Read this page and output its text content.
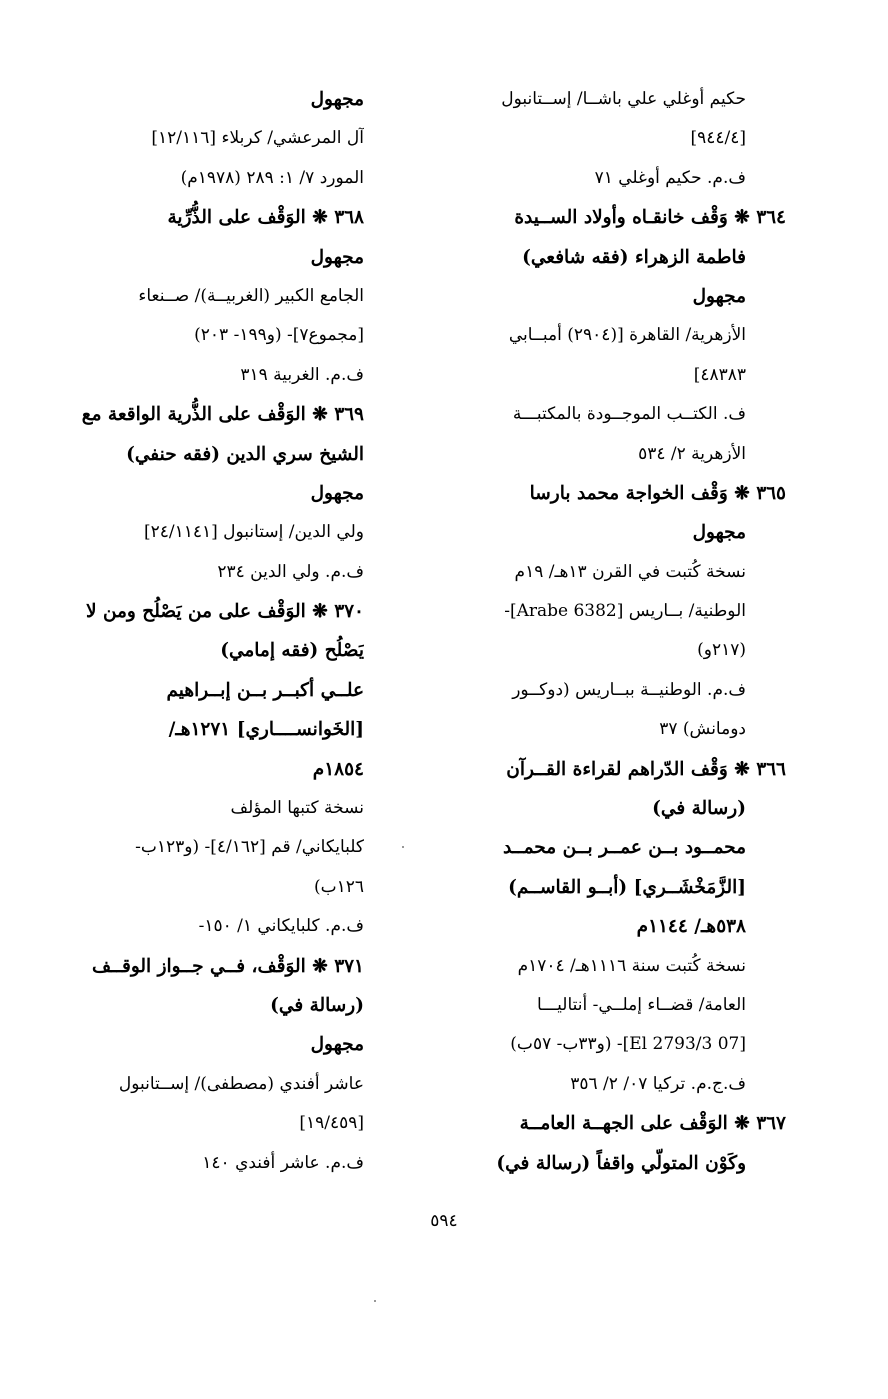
حكيم أوغلي علي باشــا/ إســتانبول
[٩٤٤/٤]
ف.م. حكيم أوغلي ٧١
٣٦٤ ❋ وَقْف خانقـاه وأولاد الســيدة
فاطمة الزهراء (فقه شافعي)
مجهول
الأزهرية/ القاهرة [(٢٩٠٤) أمبــابي
٤٨٣٨٣]
ف. الكتــب الموجــودة بالمكتبـــة
الأزهرية ٢/ ٥٣٤
٣٦٥ ❋ وَقْف الخواجة محمد بارسا
مجهول
نسخة كُتبت في القرن ١٣هـ/ ١٩م
الوطنية/ بــاريس [Arabe 6382]-
(٢١٧و)
ف.م. الوطنيــة ببــاريس (دوكــور
دومانش) ٣٧
٣٦٦ ❋ وَقْف الدّراهم لقراءة القــرآن
(رسالة في)
محمــود بــن عمــر بــن محمــد
[الزَّمَخْشَــري] (أبــو القاســم)
٥٣٨هـ/ ١١٤٤م
نسخة كُتبت سنة ١١١٦هـ/ ١٧٠٤م
العامة/ قضــاء إملــي- أنتاليـــا
[07 El 2793/3]- (و٣٣ب- ٥٧ب)
ف.ج.م. تركيا ٠٧/ ٢/ ٣٥٦
٣٦٧ ❋ الوَقْف على الجهــة العامــة
وكَوْن المتولّي واقفاً (رسالة في)
مجهول
آل المرعشي/ كربلاء [١٢/١١٦]
المورد ٧/ ١: ٢٨٩ (١٩٧٨م)
٣٦٨ ❋ الوَقْف على الذُّرِّية
مجهول
الجامع الكبير (الغربيــة)/ صــنعاء
[مجموع٧]- (و١٩٩- ٢٠٣)
ف.م. الغربية ٣١٩
٣٦٩ ❋ الوَقْف على الذُّرية الواقعة مع
الشيخ سري الدين (فقه حنفي)
مجهول
ولي الدين/ إستانبول [٢٤/١١٤١]
ف.م. ولي الدين ٢٣٤
٣٧٠ ❋ الوَقْف على من يَصْلُح ومن لا
يَصْلُح (فقه إمامي)
علــي أكبــر بــن إبــراهيم
[الخَوانســــاري] ١٢٧١هـ/
١٨٥٤م
نسخة كتبها المؤلف
كلبايكاني/ قم [٤/١٦٢]- (و١٢٣ب-
١٢٦ب)
ف.م. كلبايكاني ١/ ١٥٠-
٣٧١ ❋ الوَقْف، فــي جــواز الوقــف
(رسالة في)
مجهول
عاشر أفندي (مصطفى)/ إســتانبول
[١٩/٤٥٩]
ف.م. عاشر أفندي ١٤٠
٥٩٤
